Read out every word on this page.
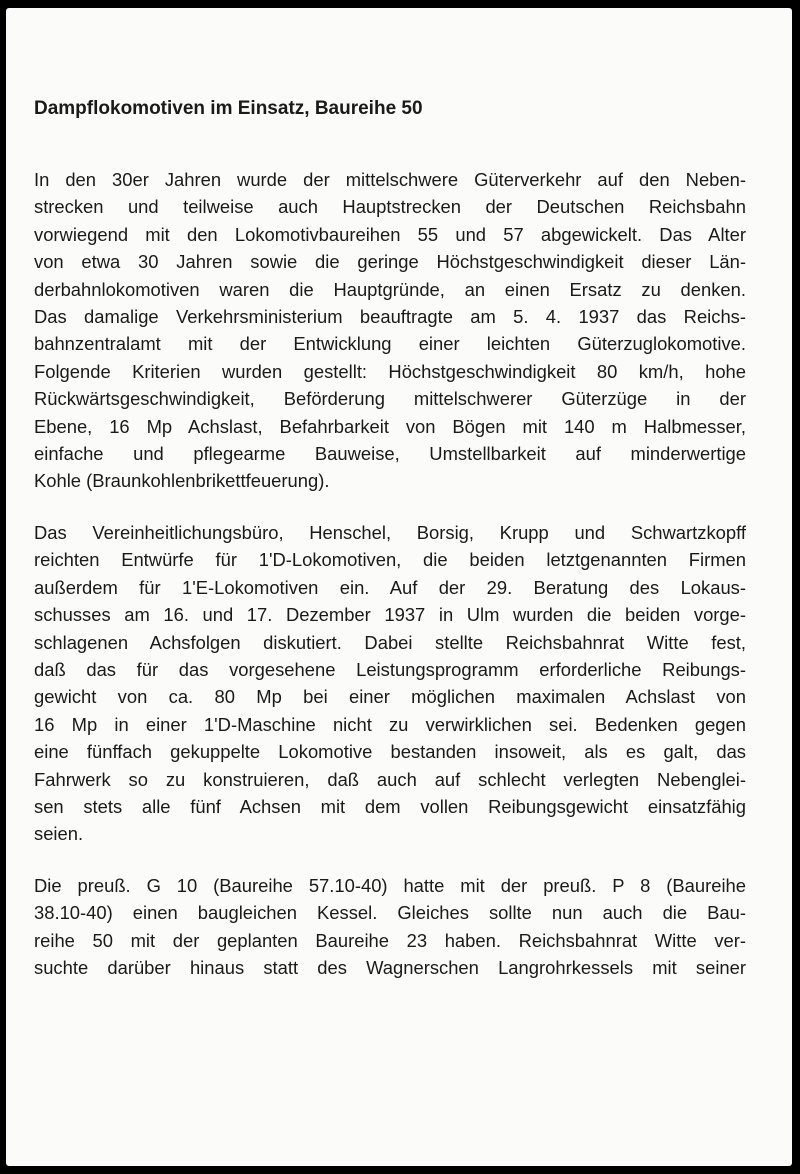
Dampflokomotiven im Einsatz, Baureihe 50

In den 30er Jahren wurde der mittelschwere Güterverkehr auf den Neben-
strecken und teilweise auch Hauptstrecken der Deutschen Reichsbahn
vorwiegend mit den Lokomotivbaureihen 55 und 57 abgewickelt. Das Alter
von etwa 30 Jahren sowie die geringe Höchstgeschwindigkeit dieser Län-
derbahnlokomotiven waren die Hauptgründe, an einen Ersatz zu denken.
Das damalige Verkehrsministerium beauftragte am 5. 4. 1937 das Reichs-
bahnzentralamt mit der Entwicklung einer leichten Güterzuglokomotive.
Folgende Kriterien wurden gestellt: Höchstgeschwindigkeit 80 km/h, hohe
Rückwärtsgeschwindigkeit, Beförderung mittelschwerer Güterzüge in der
Ebene, 16 Mp Achslast, Befahrbarkeit von Bögen mit 140 m Halbmesser,
einfache und pflegearme Bauweise, Umstellbarkeit auf minderwertige
Kohle (Braunkohlenbrikettfeuerung).

Das Vereinheitlichungsbüro, Henschel, Borsig, Krupp und Schwartzkopff
reichten Entwürfe für 1'D-Lokomotiven, die beiden letztgenannten Firmen
außerdem für 1'E-Lokomotiven ein. Auf der 29. Beratung des Lokaus-
schusses am 16. und 17. Dezember 1937 in Ulm wurden die beiden vorge-
schlagenen Achsfolgen diskutiert. Dabei stellte Reichsbahnrat Witte fest,
daß das für das vorgesehene Leistungsprogramm erforderliche Reibungs-
gewicht von ca. 80 Mp bei einer möglichen maximalen Achslast von
16 Mp in einer 1'D-Maschine nicht zu verwirklichen sei. Bedenken gegen
eine fünffach gekuppelte Lokomotive bestanden insoweit, als es galt, das
Fahrwerk so zu konstruieren, daß auch auf schlecht verlegten Nebenglei-
sen stets alle fünf Achsen mit dem vollen Reibungsgewicht einsatzfähig
seien.

Die preuß. G 10 (Baureihe 57.10-40) hatte mit der preuß. P 8 (Baureihe
38.10-40) einen baugleichen Kessel. Gleiches sollte nun auch die Bau-
reihe 50 mit der geplanten Baureihe 23 haben. Reichsbahnrat Witte ver-
suchte darüber hinaus statt des Wagnerschen Langrohrkessels mit seiner
